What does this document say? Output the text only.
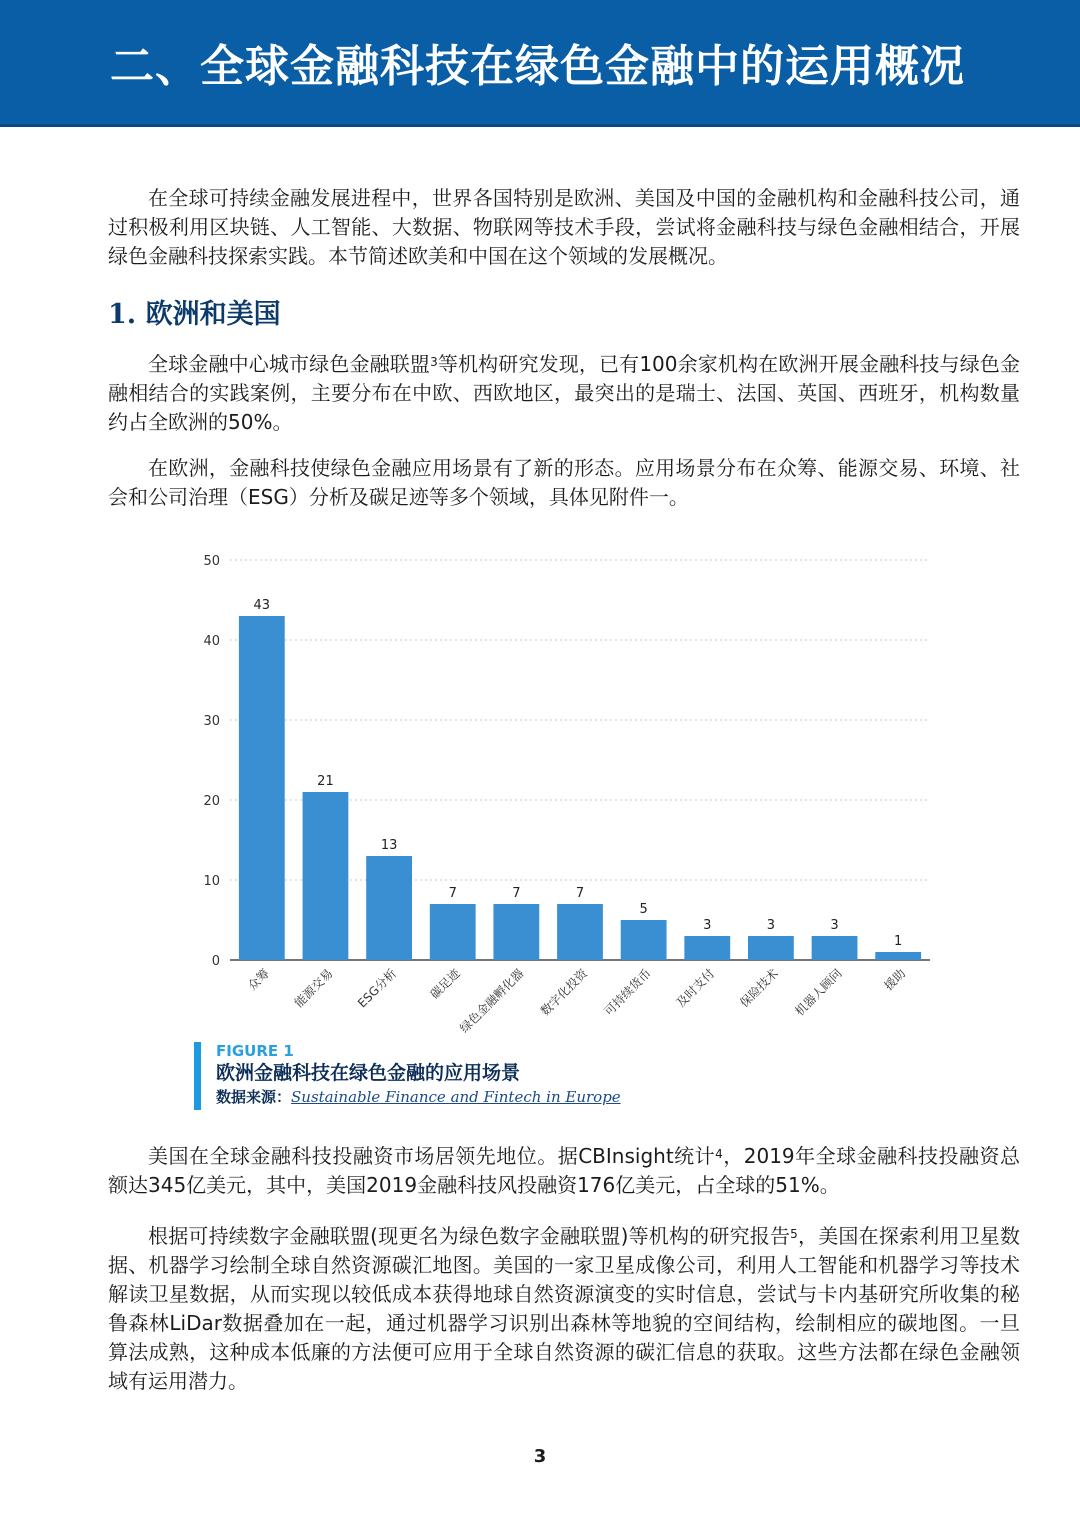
二、全球金融科技在绿色金融中的运用概况

在全球可持续金融发展进程中，世界各国特别是欧洲、美国及中国的金融机构和金融科技公司，通过积极利用区块链、人工智能、大数据、物联网等技术手段，尝试将金融科技与绿色金融相结合，开展绿色金融科技探索实践。本节简述欧美和中国在这个领域的发展概况。

1. 欧洲和美国

全球金融中心城市绿色金融联盟$^3$等机构研究发现，已有100余家机构在欧洲开展金融科技与绿色金融相结合的实践案例，主要分布在中欧、西欧地区，最突出的是瑞士、法国、英国、西班牙，机构数量约占全欧洲的50%。

在欧洲，金融科技使绿色金融应用场景有了新的形态。应用场景分布在众筹、能源交易、环境、社会和公司治理（ESG）分析及碳足迹等多个领域，具体见附件一。

0
10
20
30
40
50
43
众筹
21
能源交易
13
ESG分析
7
碳足迹
7
绿色金融孵化器
7
数字化投资
5
可持续货币
3
及时支付
3
保险技术
3
机器人顾问
1
援助
FIGURE 1
欧洲金融科技在绿色金融的应用场景
数据来源：Sustainable Finance and Fintech in Europe

美国在全球金融科技投融资市场居领先地位。据CBInsight统计$^4$，2019年全球金融科技投融资总额达345亿美元，其中，美国2019金融科技风投融资176亿美元，占全球的51%。

根据可持续数字金融联盟(现更名为绿色数字金融联盟)等机构的研究报告$^5$，美国在探索利用卫星数据、机器学习绘制全球自然资源碳汇地图。美国的一家卫星成像公司，利用人工智能和机器学习等技术解读卫星数据，从而实现以较低成本获得地球自然资源演变的实时信息，尝试与卡内基研究所收集的秘鲁森林LiDar数据叠加在一起，通过机器学习识别出森林等地貌的空间结构，绘制相应的碳地图。一旦算法成熟，这种成本低廉的方法便可应用于全球自然资源的碳汇信息的获取。这些方法都在绿色金融领域有运用潜力。

3
